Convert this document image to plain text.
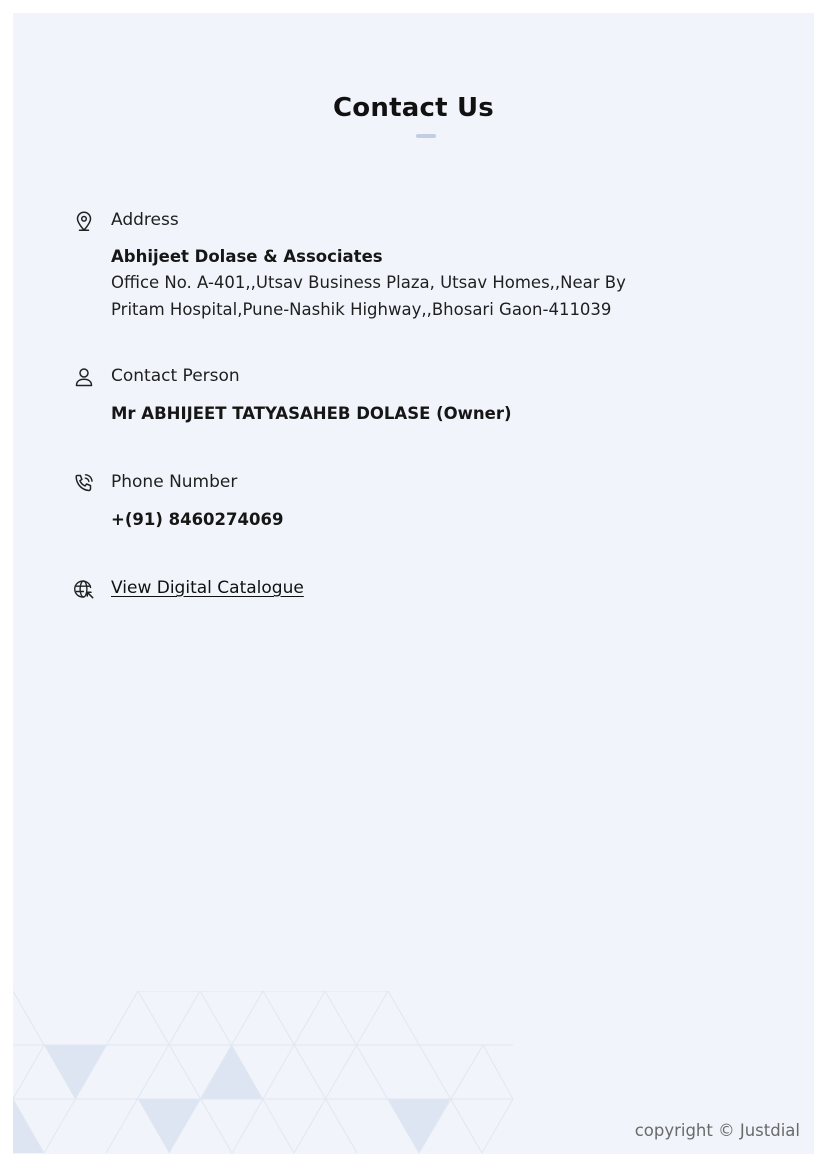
Contact Us
Address
Abhijeet Dolase & Associates
Office No. A-401,,Utsav Business Plaza, Utsav Homes,,Near By
Pritam Hospital,Pune-Nashik Highway,,Bhosari Gaon-411039
Contact Person
Mr ABHIJEET TATYASAHEB DOLASE (Owner)
Phone Number
+(91) 8460274069
View Digital Catalogue
copyright © Justdial
